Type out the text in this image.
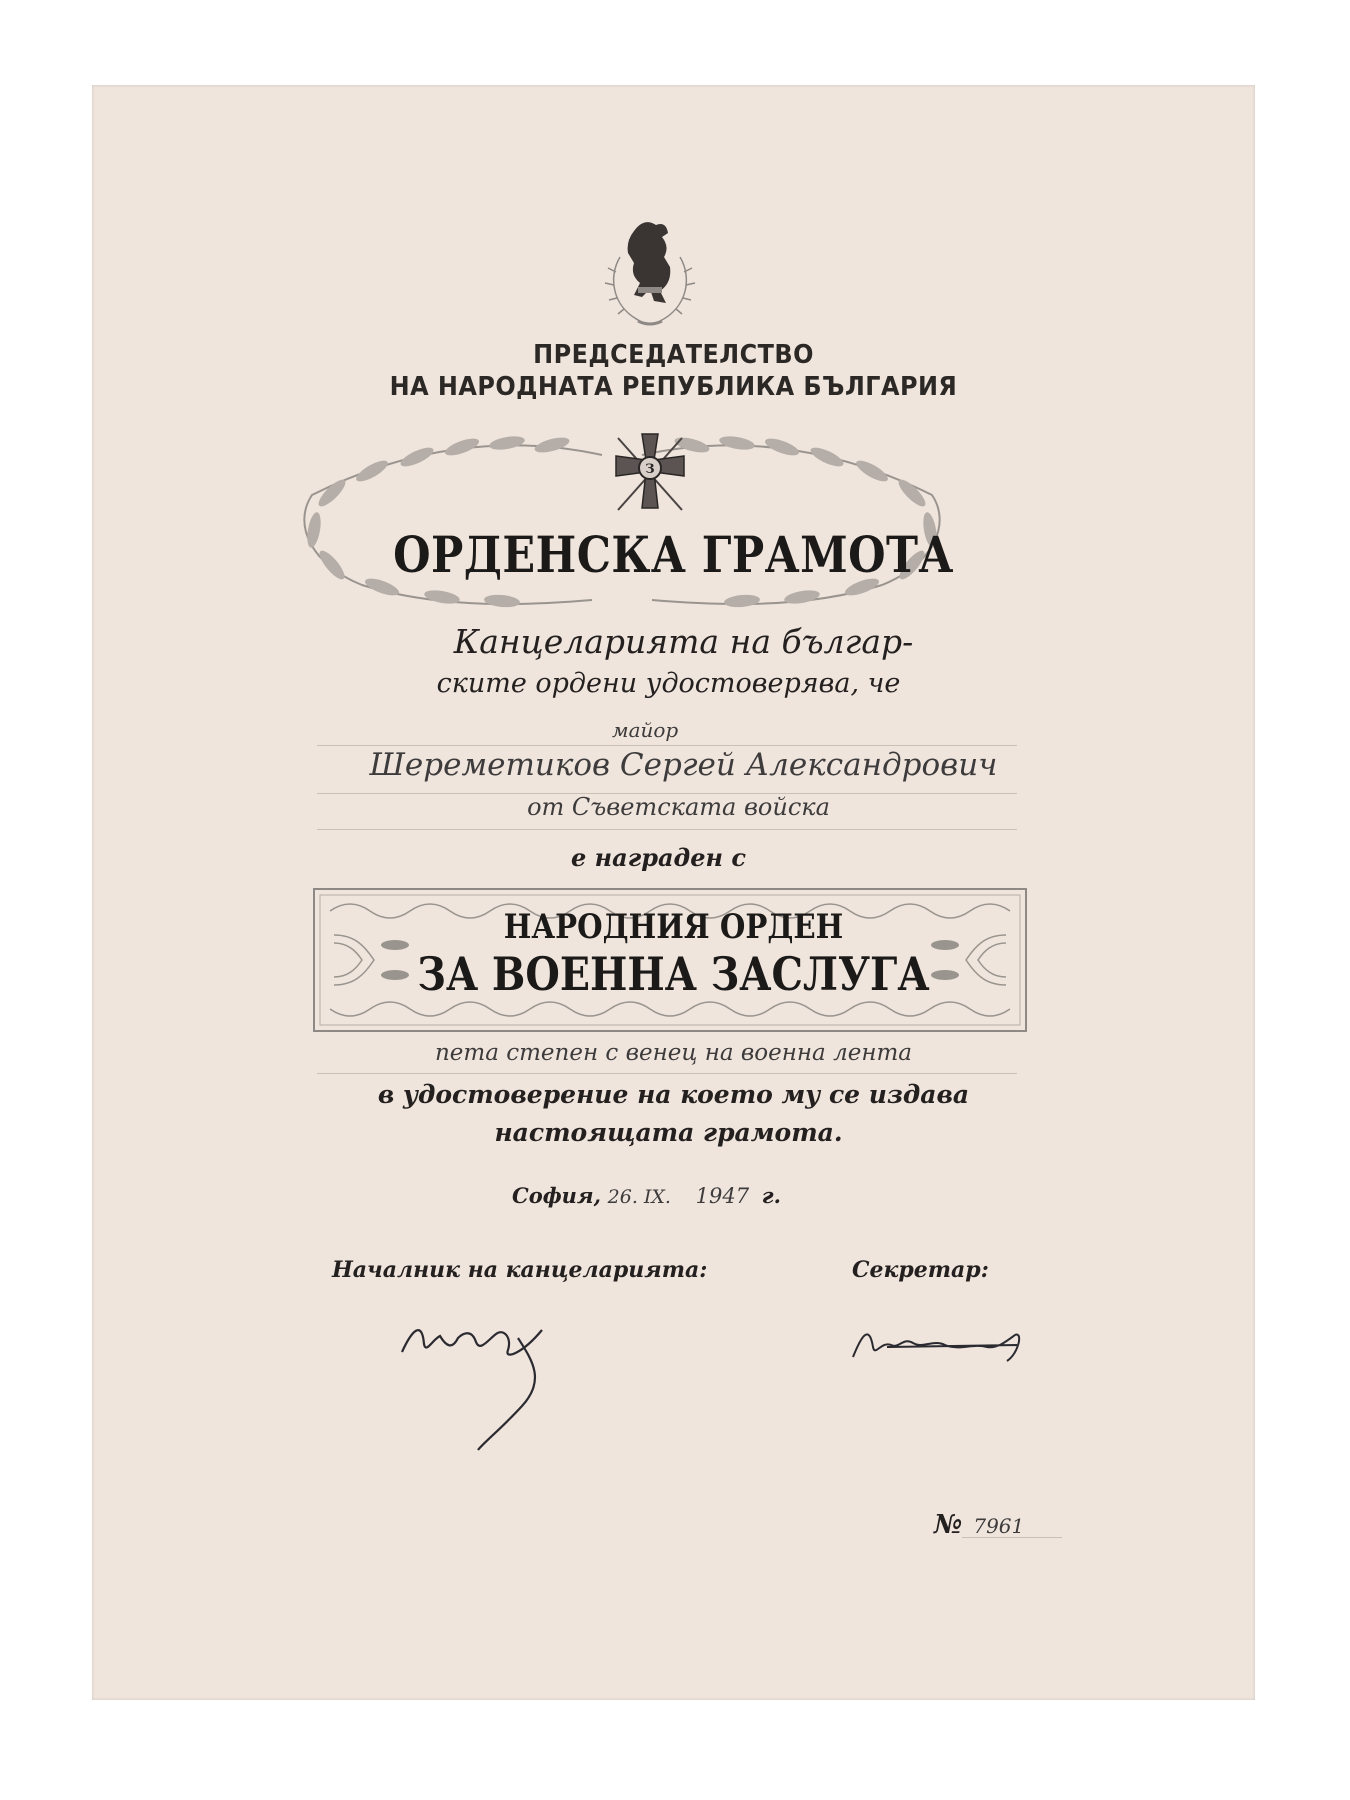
ПРЕДСЕДАТЕЛСТВО
НА НАРОДНАТА РЕПУБЛИКА БЪЛГАРИЯ
З
ОРДЕНСКА ГРАМОТА
Канцеларията на българ-
ските ордени удостоверява, че
майор
Шереметиков Сергей Александрович
от Съветската войска
е награден с
НАРОДНИЯ ОРДЕН
ЗА ВОЕННА ЗАСЛУГА
пета степен с венец на военна лента
в удостоверение на което му се издава
настоящата грамота.
София, 26. IX. 1947 г.
Началник на канцеларията:	Секретар:
№ 7961
